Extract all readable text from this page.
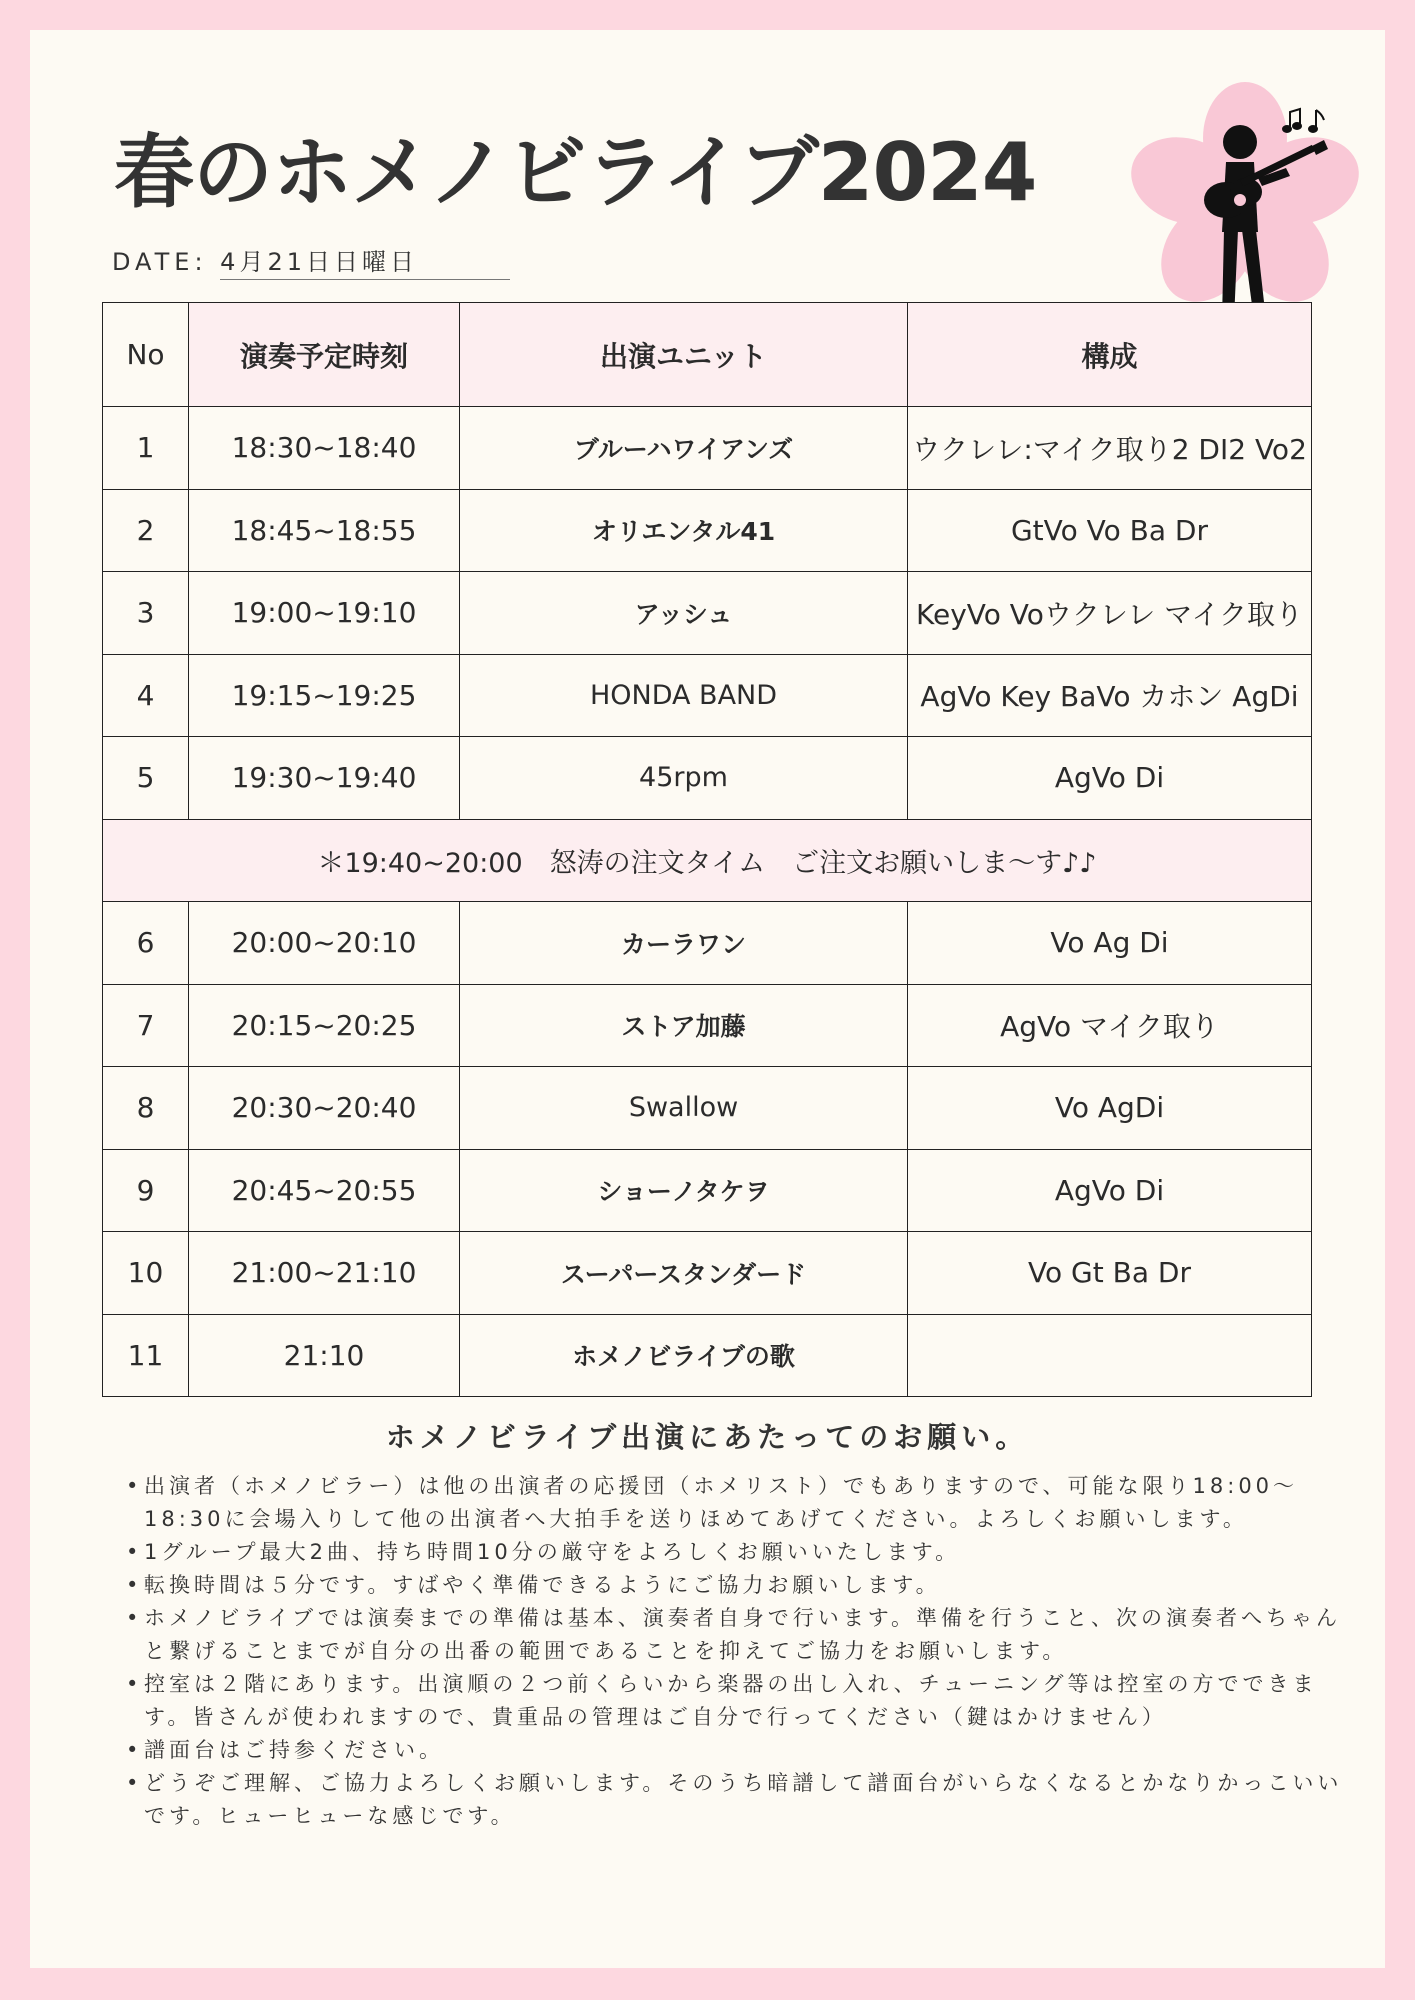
春のホメノビライブ2024
DATE: 4月21日日曜日
No	演奏予定時刻	出演ユニット	構成
1	18:30~18:40	ブルーハワイアンズ	ウクレレ:マイク取り2 DI2 Vo2
2	18:45~18:55	オリエンタル41	GtVo Vo Ba Dr
3	19:00~19:10	アッシュ	KeyVo Voウクレレ マイク取り
4	19:15~19:25	HONDA BAND	AgVo Key BaVo カホン AgDi
5	19:30~19:40	45rpm	AgVo Di
＊19:40~20:00　怒涛の注文タイム　ご注文お願いしま〜す♪♪			
6	20:00~20:10	カーラワン	Vo Ag Di
7	20:15~20:25	ストア加藤	AgVo マイク取り
8	20:30~20:40	Swallow	Vo AgDi
9	20:45~20:55	ショーノタケヲ	AgVo Di
10	21:00~21:10	スーパースタンダード	Vo Gt Ba Dr
11	21:10	ホメノビライブの歌	
ホメノビライブ出演にあたってのお願い。
• 出演者（ホメノビラー）は他の出演者の応援団（ホメリスト）でもありますので、可能な限り18:00〜18:30に会場入りして他の出演者へ大拍手を送りほめてあげてください。よろしくお願いします。
• 1グループ最大2曲、持ち時間10分の厳守をよろしくお願いいたします。
• 転換時間は５分です。すばやく準備できるようにご協力お願いします。
• ホメノビライブでは演奏までの準備は基本、演奏者自身で行います。準備を行うこと、次の演奏者へちゃんと繋げることまでが自分の出番の範囲であることを抑えてご協力をお願いします。
• 控室は２階にあります。出演順の２つ前くらいから楽器の出し入れ、チューニング等は控室の方でできます。皆さんが使われますので、貴重品の管理はご自分で行ってください（鍵はかけません）
• 譜面台はご持参ください。
• どうぞご理解、ご協力よろしくお願いします。そのうち暗譜して譜面台がいらなくなるとかなりかっこいいです。ヒューヒューな感じです。
